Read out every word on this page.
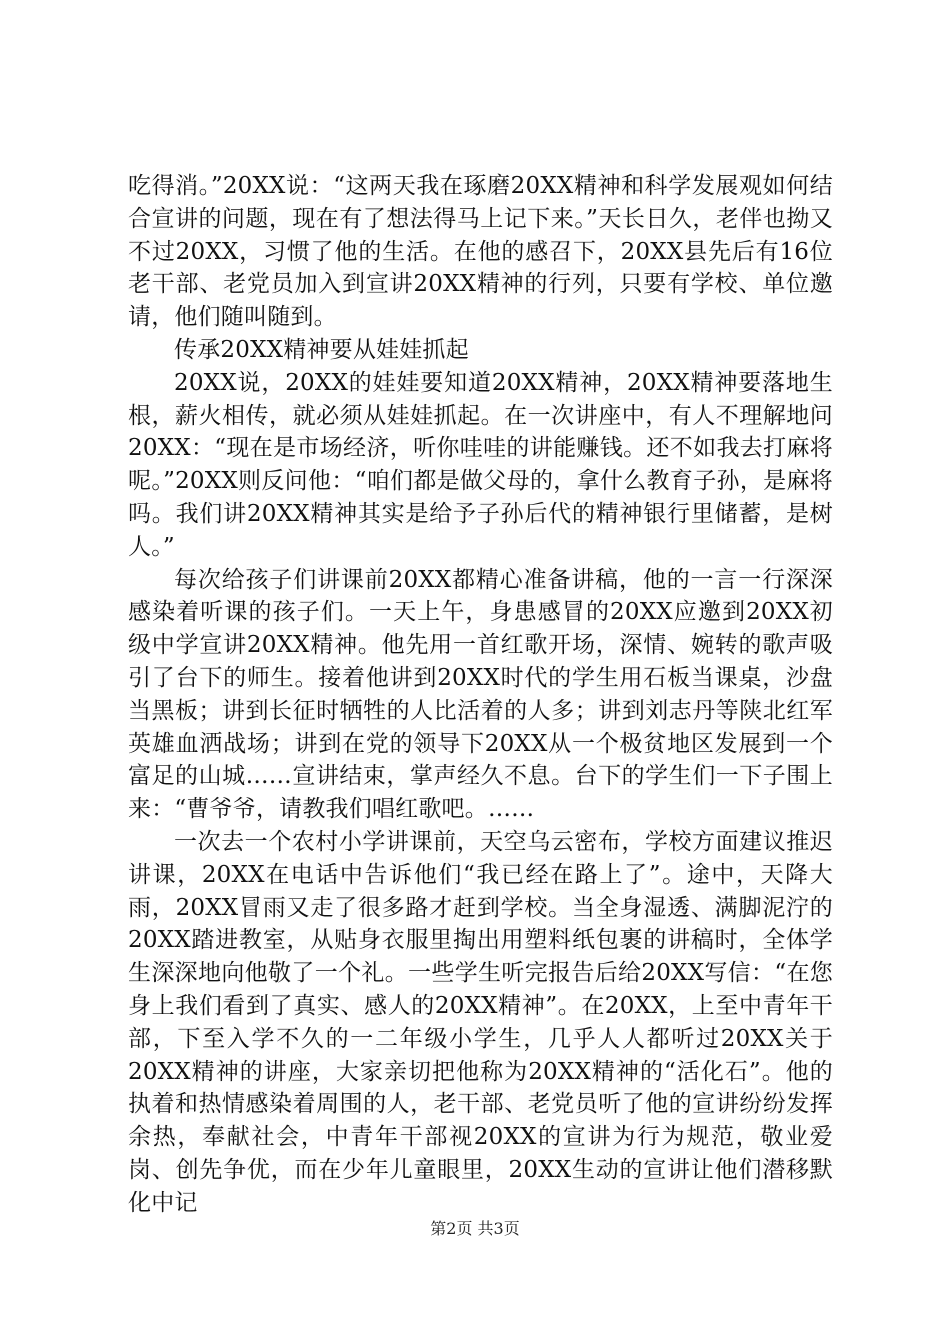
吃得消。”20XX说：“这两天我在琢磨20XX精神和科学发展观如何结合宣讲的问题，现在有了想法得马上记下来。”天长日久，老伴也拗又不过20XX，习惯了他的生活。在他的感召下，20XX县先后有16位老干部、老党员加入到宣讲20XX精神的行列，只要有学校、单位邀请，他们随叫随到。

传承20XX精神要从娃娃抓起

20XX说，20XX的娃娃要知道20XX精神，20XX精神要落地生根，薪火相传，就必须从娃娃抓起。在一次讲座中，有人不理解地问20XX：“现在是市场经济，听你哇哇的讲能赚钱。还不如我去打麻将呢。”20XX则反问他：“咱们都是做父母的，拿什么教育子孙，是麻将吗。我们讲20XX精神其实是给予子孙后代的精神银行里储蓄，是树人。”

每次给孩子们讲课前20XX都精心准备讲稿，他的一言一行深深感染着听课的孩子们。一天上午，身患感冒的20XX应邀到20XX初级中学宣讲20XX精神。他先用一首红歌开场，深情、婉转的歌声吸引了台下的师生。接着他讲到20XX时代的学生用石板当课桌，沙盘当黑板；讲到长征时牺牲的人比活着的人多；讲到刘志丹等陕北红军英雄血洒战场；讲到在党的领导下20XX从一个极贫地区发展到一个富足的山城……宣讲结束，掌声经久不息。台下的学生们一下子围上来：“曹爷爷，请教我们唱红歌吧。……

一次去一个农村小学讲课前，天空乌云密布，学校方面建议推迟讲课，20XX在电话中告诉他们“我已经在路上了”。途中，天降大雨，20XX冒雨又走了很多路才赶到学校。当全身湿透、满脚泥泞的20XX踏进教室，从贴身衣服里掏出用塑料纸包裹的讲稿时，全体学生深深地向他敬了一个礼。一些学生听完报告后给20XX写信：“在您身上我们看到了真实、感人的20XX精神”。在20XX，上至中青年干部，下至入学不久的一二年级小学生，几乎人人都听过20XX关于20XX精神的讲座，大家亲切把他称为20XX精神的“活化石”。他的执着和热情感染着周围的人，老干部、老党员听了他的宣讲纷纷发挥余热，奉献社会，中青年干部视20XX的宣讲为行为规范，敬业爱岗、创先争优，而在少年儿童眼里，20XX生动的宣讲让他们潜移默化中记

第2页 共3页
